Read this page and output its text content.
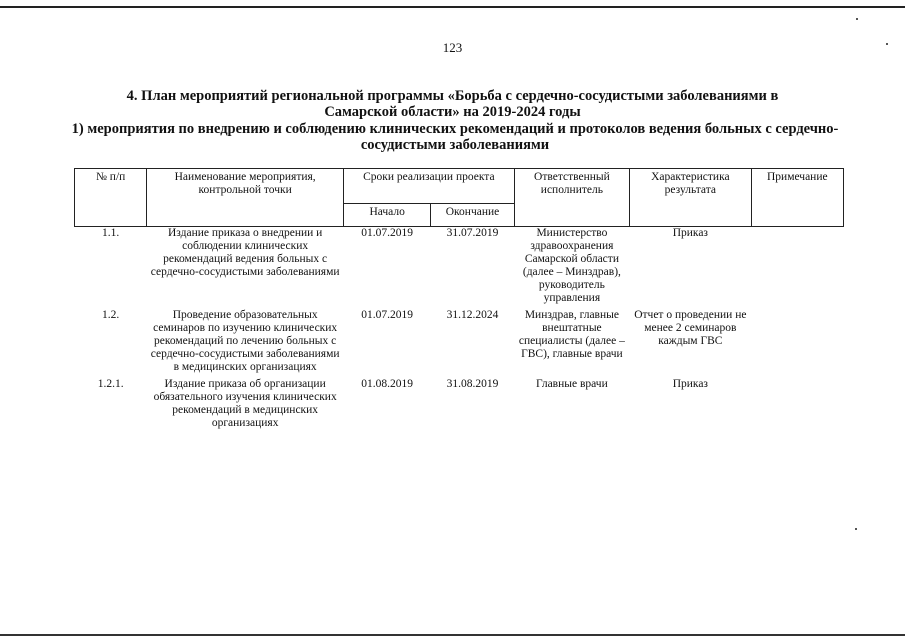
123
4. План мероприятий региональной программы «Борьба с сердечно-сосудистыми заболеваниями в Самарской области» на 2019-2024 годы
1) мероприятия по внедрению и соблюдению клинических рекомендаций и протоколов ведения больных с сердечно-сосудистыми заболеваниями
№ п/п	Наименование мероприятия, контрольной точки	Сроки реализации проекта		Ответственный исполнитель	Характеристика результата	Примечание
		Начало	Окончание			
1.1.	Издание приказа о внедрении и соблюдении клинических рекомендаций ведения больных с сердечно-сосудистыми заболеваниями	01.07.2019	31.07.2019	Министерство здравоохранения Самарской области (далее – Минздрав), руководитель управления	Приказ	
1.2.	Проведение образовательных семинаров по изучению клинических рекомендаций по лечению больных с сердечно-сосудистыми заболеваниями в медицинских организациях	01.07.2019	31.12.2024	Минздрав, главные внештатные специалисты (далее – ГВС), главные врачи	Отчет о проведении не менее 2 семинаров каждым ГВС	
1.2.1.	Издание приказа об организации обязательного изучения клинических рекомендаций в медицинских организациях	01.08.2019	31.08.2019	Главные врачи	Приказ	
